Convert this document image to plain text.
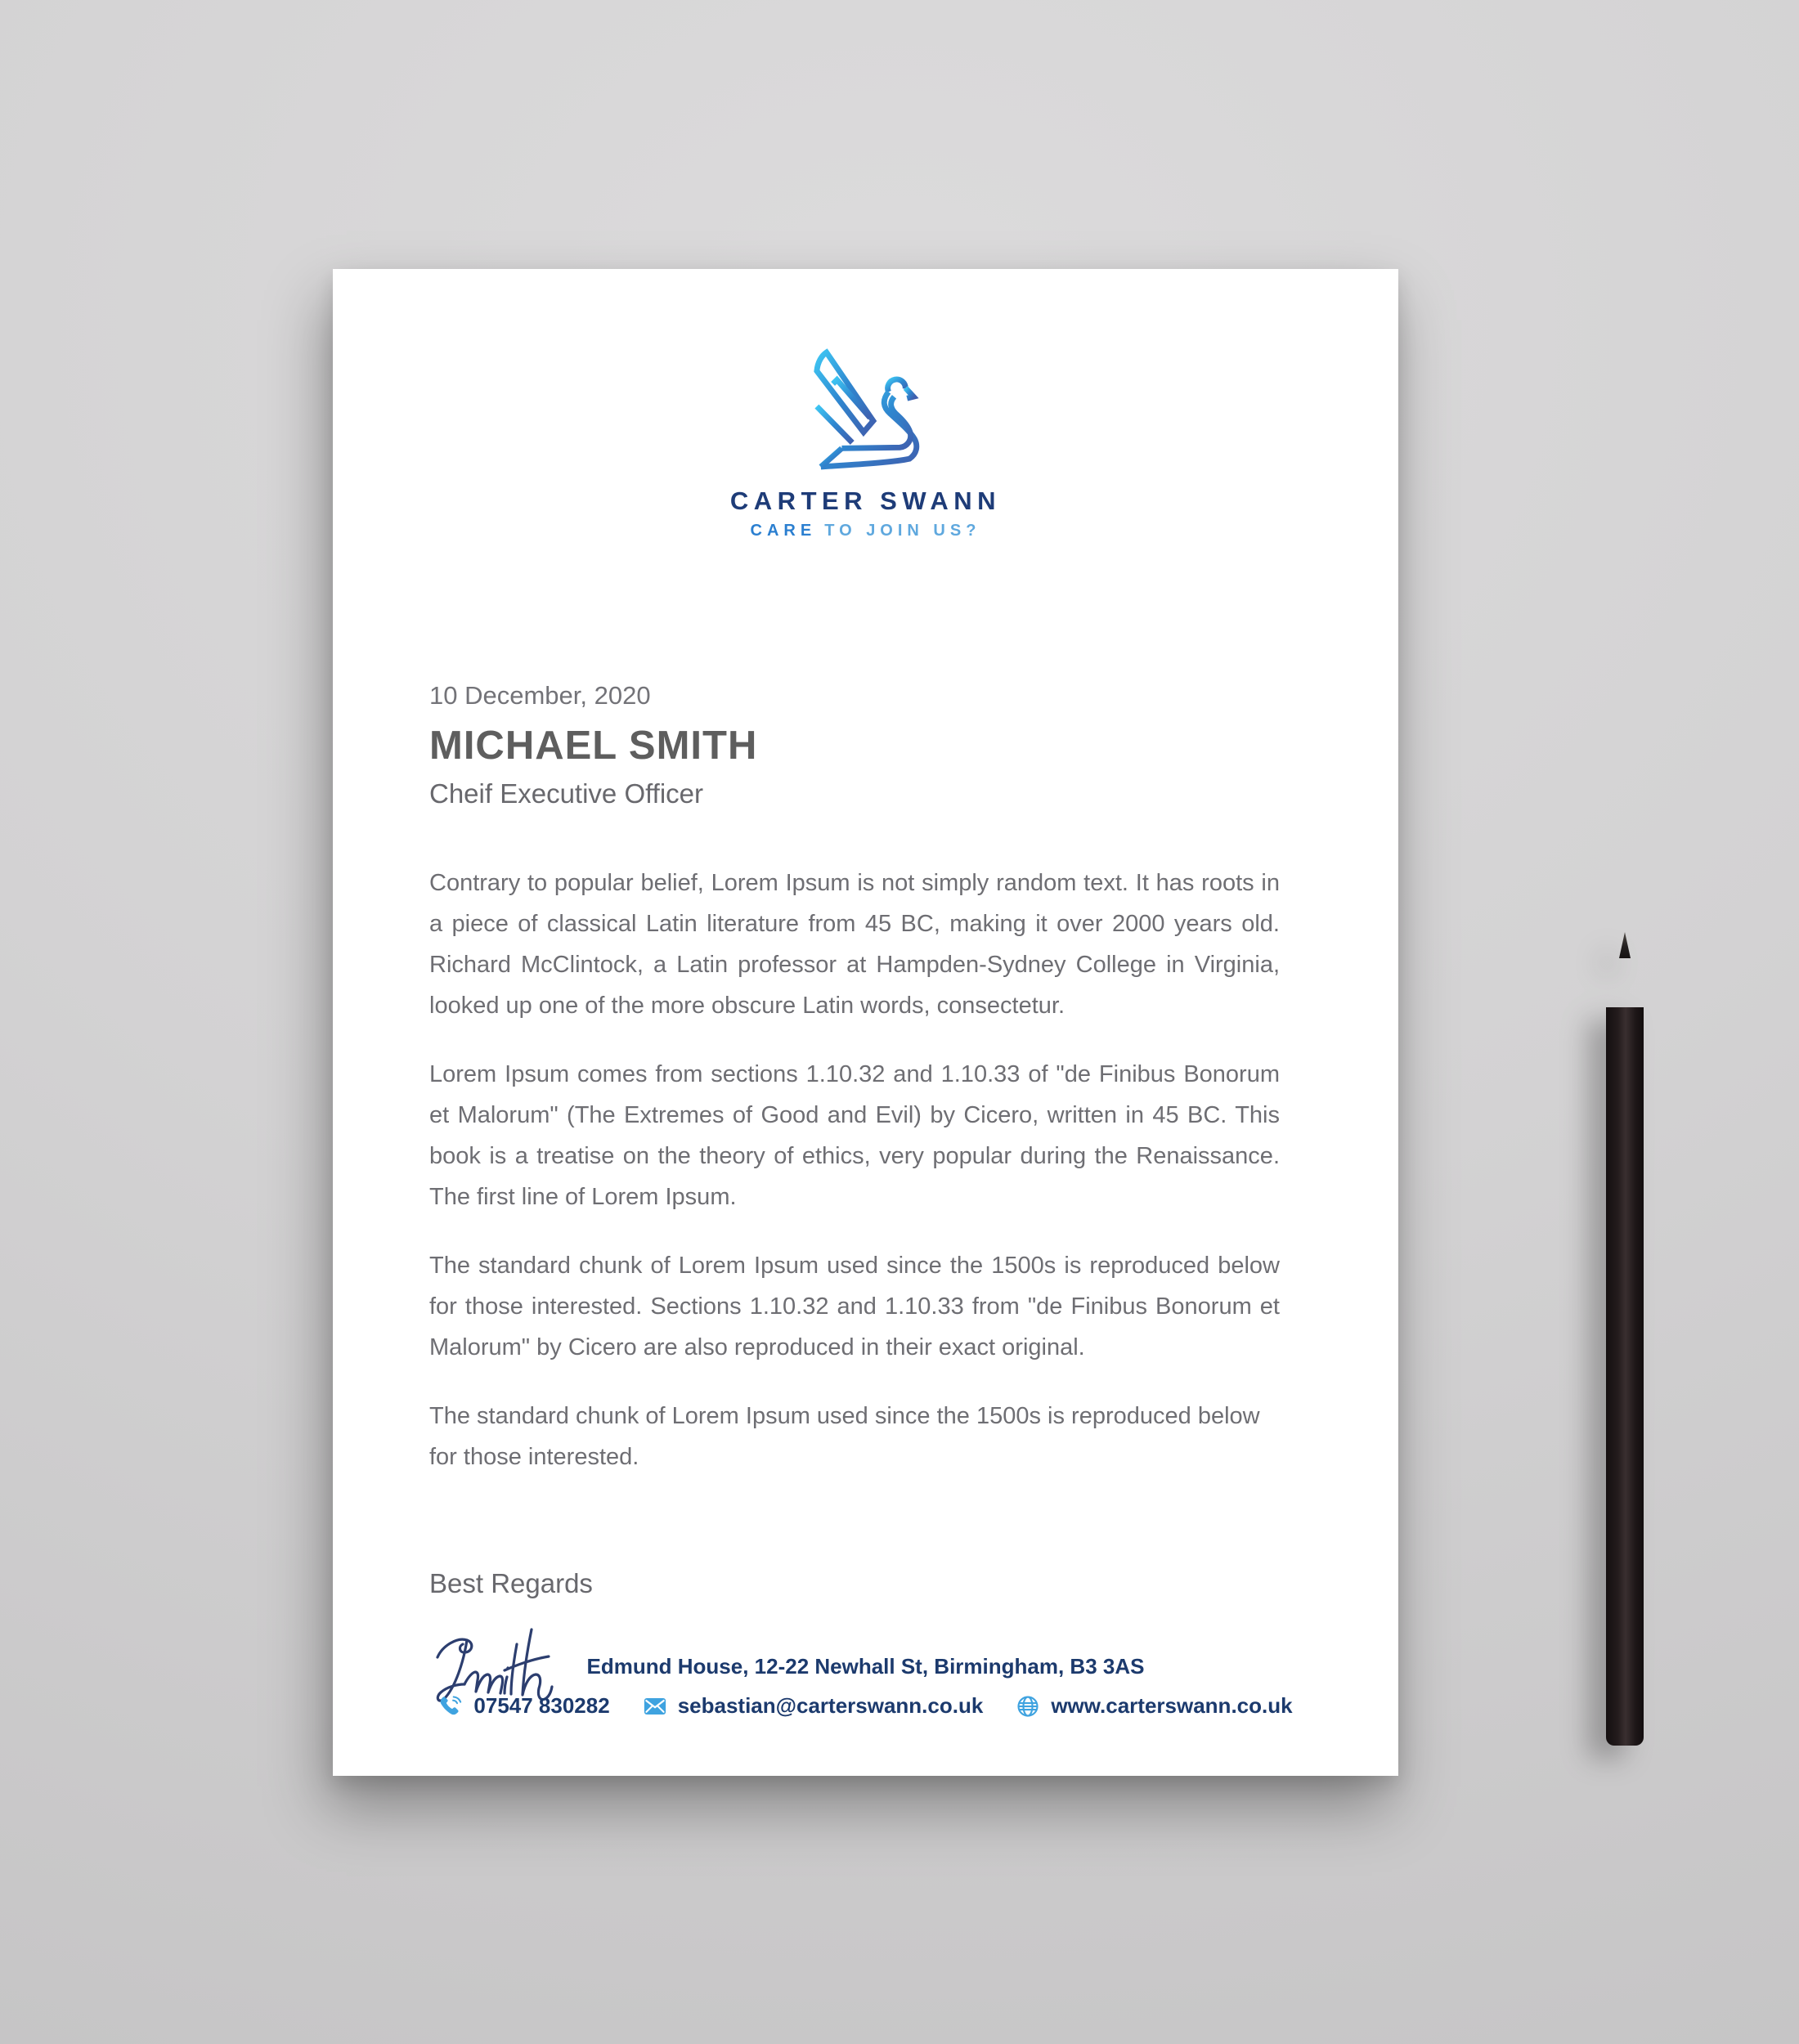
CARTER SWANN
CARE TO JOIN US?
10 December, 2020
MICHAEL SMITH
Cheif Executive Officer

Contrary to popular belief, Lorem Ipsum is not simply random text. It has roots in a piece of classical Latin literature from 45 BC, making it over 2000 years old. Richard McClintock, a Latin professor at Hampden-Sydney College in Virginia, looked up one of the more obscure Latin words, consectetur.

Lorem Ipsum comes from sections 1.10.32 and 1.10.33 of "de Finibus Bonorum et Malorum" (The Extremes of Good and Evil) by Cicero, written in 45 BC. This book is a treatise on the theory of ethics, very popular during the Renaissance. The first line of Lorem Ipsum.

The standard chunk of Lorem Ipsum used since the 1500s is reproduced below for those interested. Sections 1.10.32 and 1.10.33 from "de Finibus Bonorum et Malorum" by Cicero are also reproduced in their exact original.

The standard chunk of Lorem Ipsum used since the 1500s is reproduced below for those interested.

Best Regards
Edmund House, 12-22 Newhall St, Birmingham, B3 3AS
07547 830282	sebastian@carterswann.co.uk	www.carterswann.co.uk
